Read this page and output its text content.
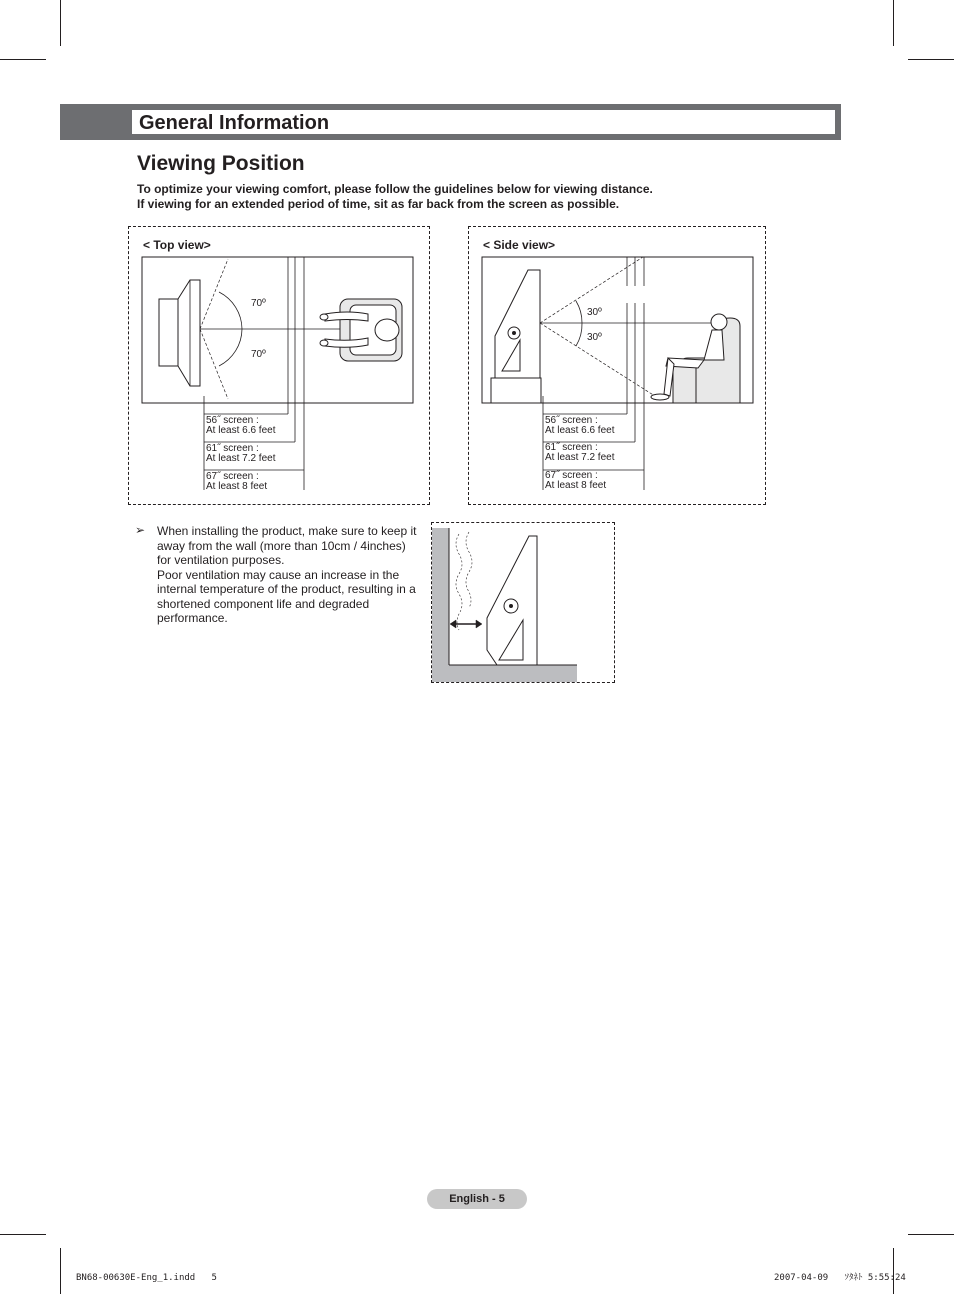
General Information
Viewing Position

To optimize your viewing comfort, please follow the guidelines below for viewing distance.

If viewing for an extended period of time, sit as far back from the screen as possible.

< Top view>
70º
70º
56˝ screen :
At least 6.6 feet
61˝ screen :
At least 7.2 feet
67˝ screen :
At least 8 feet
< Side view>
30º
30º
56˝ screen :
At least 6.6 feet
61˝ screen :
At least 7.2 feet
67˝ screen :
At least 8 feet
➢ When installing the product, make sure to keep it away from the wall (more than 10cm / 4inches) for ventilation purposes.

Poor ventilation may cause an increase in the internal temperature of the product, resulting in a shortened component life and degraded performance.

English - 5
BN68-00630E-Eng_1.indd   5	2007-04-09   ｿﾀﾈﾄ 5:55:24
